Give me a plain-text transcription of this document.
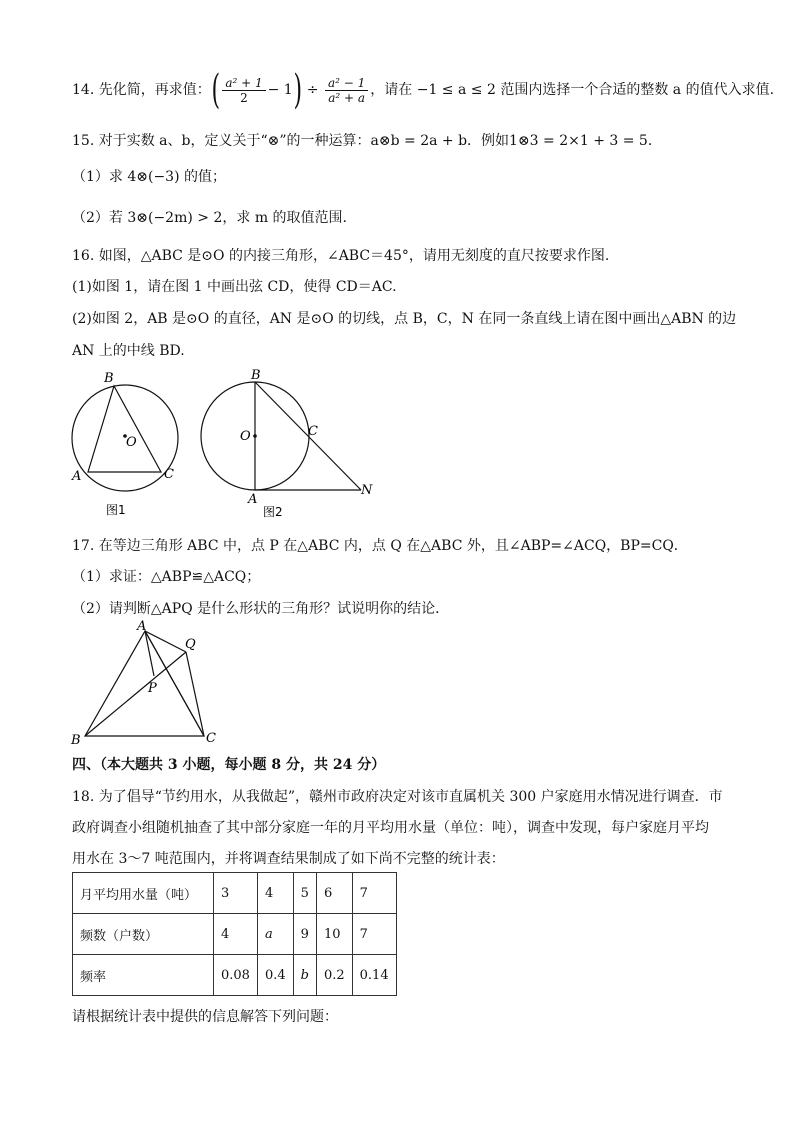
14. 先化简，再求值：( $\frac{\text{a² + 1}}{2} - 1) \div \frac{\text{a² − 1}}{\text{a² + a}}$ ，请在 −1 ≤ a ≤ 2 范围内选择一个合适的整数 a 的值代入求值.
15. 对于实数 a、b，定义关于“⊗”的一种运算：a⊗b = 2a + b．例如1⊗3 = 2×1 + 3 = 5．
（1）求 4⊗(−3) 的值；
（2）若 3⊗(−2m) > 2，求 m 的取值范围.
16. 如图，△ABC 是⊙O 的内接三角形，∠ABC＝45°，请用无刻度的直尺按要求作图.
(1)如图 1，请在图 1 中画出弦 CD，使得 CD＝AC.
(2)如图 2，AB 是⊙O 的直径，AN 是⊙O 的切线，点 B，C，N 在同一条直线上请在图中画出△ABN 的边
AN 上的中线 BD.
B
O
A	C
图1
B
O	C
A
N
图2
17. 在等边三角形 ABC 中，点 P 在△ABC 内，点 Q 在△ABC 外，且∠ABP=∠ACQ，BP=CQ．
（1）求证：△ABP≌△ACQ；
（2）请判断△APQ 是什么形状的三角形？试说明你的结论．
A
Q
P
B	C
四、（本大题共 3 小题，每小题 8 分，共 24 分）
18. 为了倡导“节约用水，从我做起”，赣州市政府决定对该市直属机关 300 户家庭用水情况进行调查．市
政府调查小组随机抽查了其中部分家庭一年的月平均用水量（单位：吨），调查中发现，每户家庭月平均
用水在 3～7 吨范围内，并将调查结果制成了如下尚不完整的统计表：
月平均用水量（吨）	3	4	5	6	7
频数（户数）	4	a	9	10	7
频率	0.08	0.4	b	0.2	0.14
请根据统计表中提供的信息解答下列问题：
